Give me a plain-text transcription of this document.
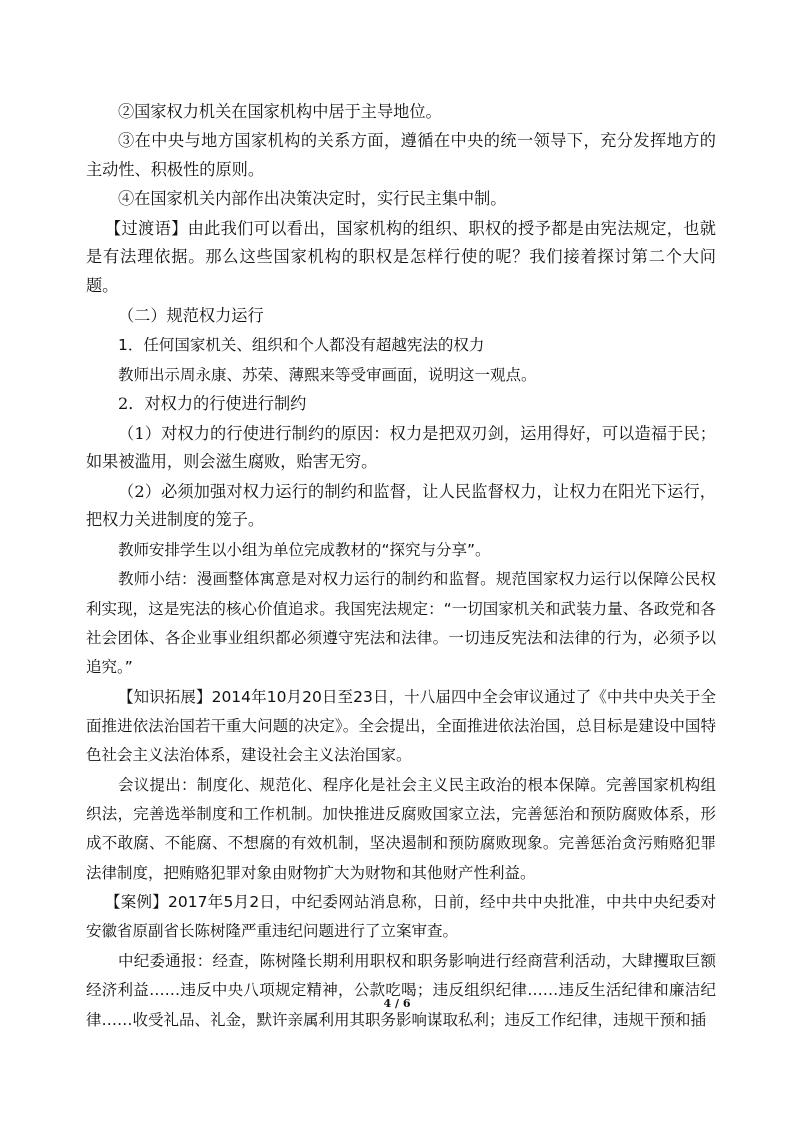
②国家权力机关在国家机构中居于主导地位。

③在中央与地方国家机构的关系方面，遵循在中央的统一领导下，充分发挥地方的主动性、积极性的原则。

④在国家机关内部作出决策决定时，实行民主集中制。

【过渡语】由此我们可以看出，国家机构的组织、职权的授予都是由宪法规定，也就是有法理依据。那么这些国家机构的职权是怎样行使的呢？我们接着探讨第二个大问题。

（二）规范权力运行

1．任何国家机关、组织和个人都没有超越宪法的权力

教师出示周永康、苏荣、薄熙来等受审画面，说明这一观点。

2．对权力的行使进行制约

（1）对权力的行使进行制约的原因：权力是把双刃剑，运用得好，可以造福于民；如果被滥用，则会滋生腐败，贻害无穷。

（2）必须加强对权力运行的制约和监督，让人民监督权力，让权力在阳光下运行，把权力关进制度的笼子。

教师安排学生以小组为单位完成教材的“探究与分享”。

教师小结：漫画整体寓意是对权力运行的制约和监督。规范国家权力运行以保障公民权利实现，这是宪法的核心价值追求。我国宪法规定：“一切国家机关和武装力量、各政党和各社会团体、各企业事业组织都必须遵守宪法和法律。一切违反宪法和法律的行为，必须予以追究。”

【知识拓展】2014年10月20日至23日，十八届四中全会审议通过了《中共中央关于全面推进依法治国若干重大问题的决定》。全会提出，全面推进依法治国，总目标是建设中国特色社会主义法治体系，建设社会主义法治国家。

会议提出：制度化、规范化、程序化是社会主义民主政治的根本保障。完善国家机构组织法，完善选举制度和工作机制。加快推进反腐败国家立法，完善惩治和预防腐败体系，形成不敢腐、不能腐、不想腐的有效机制，坚决遏制和预防腐败现象。完善惩治贪污贿赂犯罪法律制度，把贿赂犯罪对象由财物扩大为财物和其他财产性利益。

【案例】2017年5月2日，中纪委网站消息称，日前，经中共中央批准，中共中央纪委对安徽省原副省长陈树隆严重违纪问题进行了立案审查。

中纪委通报：经查，陈树隆长期利用职权和职务影响进行经商营利活动，大肆攫取巨额经济利益……违反中央八项规定精神，公款吃喝；违反组织纪律……违反生活纪律和廉洁纪律……收受礼品、礼金，默许亲属利用其职务影响谋取私利；违反工作纪律，违规干预和插

4 / 6
